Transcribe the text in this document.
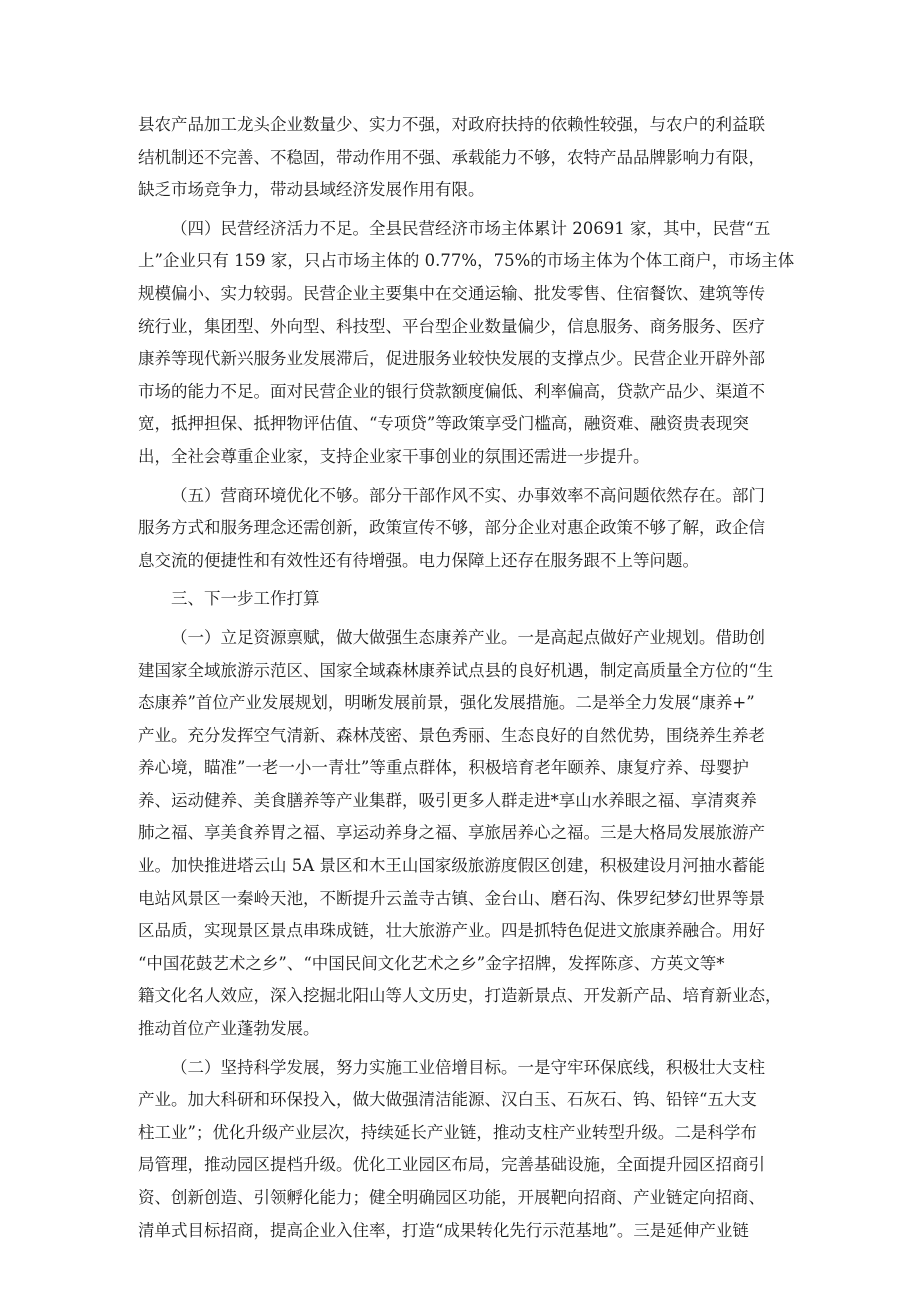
县农产品加工龙头企业数量少、实力不强，对政府扶持的依赖性较强，与农户的利益联
结机制还不完善、不稳固，带动作用不强、承载能力不够，农特产品品牌影响力有限，
缺乏市场竞争力，带动县域经济发展作用有限。
（四）民营经济活力不足。全县民营经济市场主体累计 20691 家，其中，民营“五
上”企业只有 159 家，只占市场主体的 0.77%，75%的市场主体为个体工商户，市场主体
规模偏小、实力较弱。民营企业主要集中在交通运输、批发零售、住宿餐饮、建筑等传
统行业，集团型、外向型、科技型、平台型企业数量偏少，信息服务、商务服务、医疗
康养等现代新兴服务业发展滞后，促进服务业较快发展的支撑点少。民营企业开辟外部
市场的能力不足。面对民营企业的银行贷款额度偏低、利率偏高，贷款产品少、渠道不
宽，抵押担保、抵押物评估值、“专项贷”等政策享受门槛高，融资难、融资贵表现突
出，全社会尊重企业家，支持企业家干事创业的氛围还需进一步提升。
（五）营商环境优化不够。部分干部作风不实、办事效率不高问题依然存在。部门
服务方式和服务理念还需创新，政策宣传不够，部分企业对惠企政策不够了解，政企信
息交流的便捷性和有效性还有待增强。电力保障上还存在服务跟不上等问题。
三、下一步工作打算
（一）立足资源禀赋，做大做强生态康养产业。一是高起点做好产业规划。借助创
建国家全域旅游示范区、国家全域森林康养试点县的良好机遇，制定高质量全方位的“生
态康养”首位产业发展规划，明晰发展前景，强化发展措施。二是举全力发展“康养+”
产业。充分发挥空气清新、森林茂密、景色秀丽、生态良好的自然优势，围绕养生养老
养心境，瞄准”一老一小一青壮”等重点群体，积极培育老年颐养、康复疗养、母婴护
养、运动健养、美食膳养等产业集群，吸引更多人群走进*享山水养眼之福、享清爽养
肺之福、享美食养胃之福、享运动养身之福、享旅居养心之福。三是大格局发展旅游产
业。加快推进塔云山 5A 景区和木王山国家级旅游度假区创建，积极建设月河抽水蓄能
电站风景区一秦岭天池，不断提升云盖寺古镇、金台山、磨石沟、侏罗纪梦幻世界等景
区品质，实现景区景点串珠成链，壮大旅游产业。四是抓特色促进文旅康养融合。用好
“中国花鼓艺术之乡”、“中国民间文化艺术之乡”金字招牌，发挥陈彦、方英文等*
籍文化名人效应，深入挖掘北阳山等人文历史，打造新景点、开发新产品、培育新业态，
推动首位产业蓬勃发展。
（二）坚持科学发展，努力实施工业倍增目标。一是守牢环保底线，积极壮大支柱
产业。加大科研和环保投入，做大做强清洁能源、汉白玉、石灰石、钨、铅锌“五大支
柱工业”；优化升级产业层次，持续延长产业链，推动支柱产业转型升级。二是科学布
局管理，推动园区提档升级。优化工业园区布局，完善基础设施，全面提升园区招商引
资、创新创造、引领孵化能力；健全明确园区功能，开展靶向招商、产业链定向招商、
清单式目标招商，提高企业入住率，打造“成果转化先行示范基地”。三是延伸产业链
